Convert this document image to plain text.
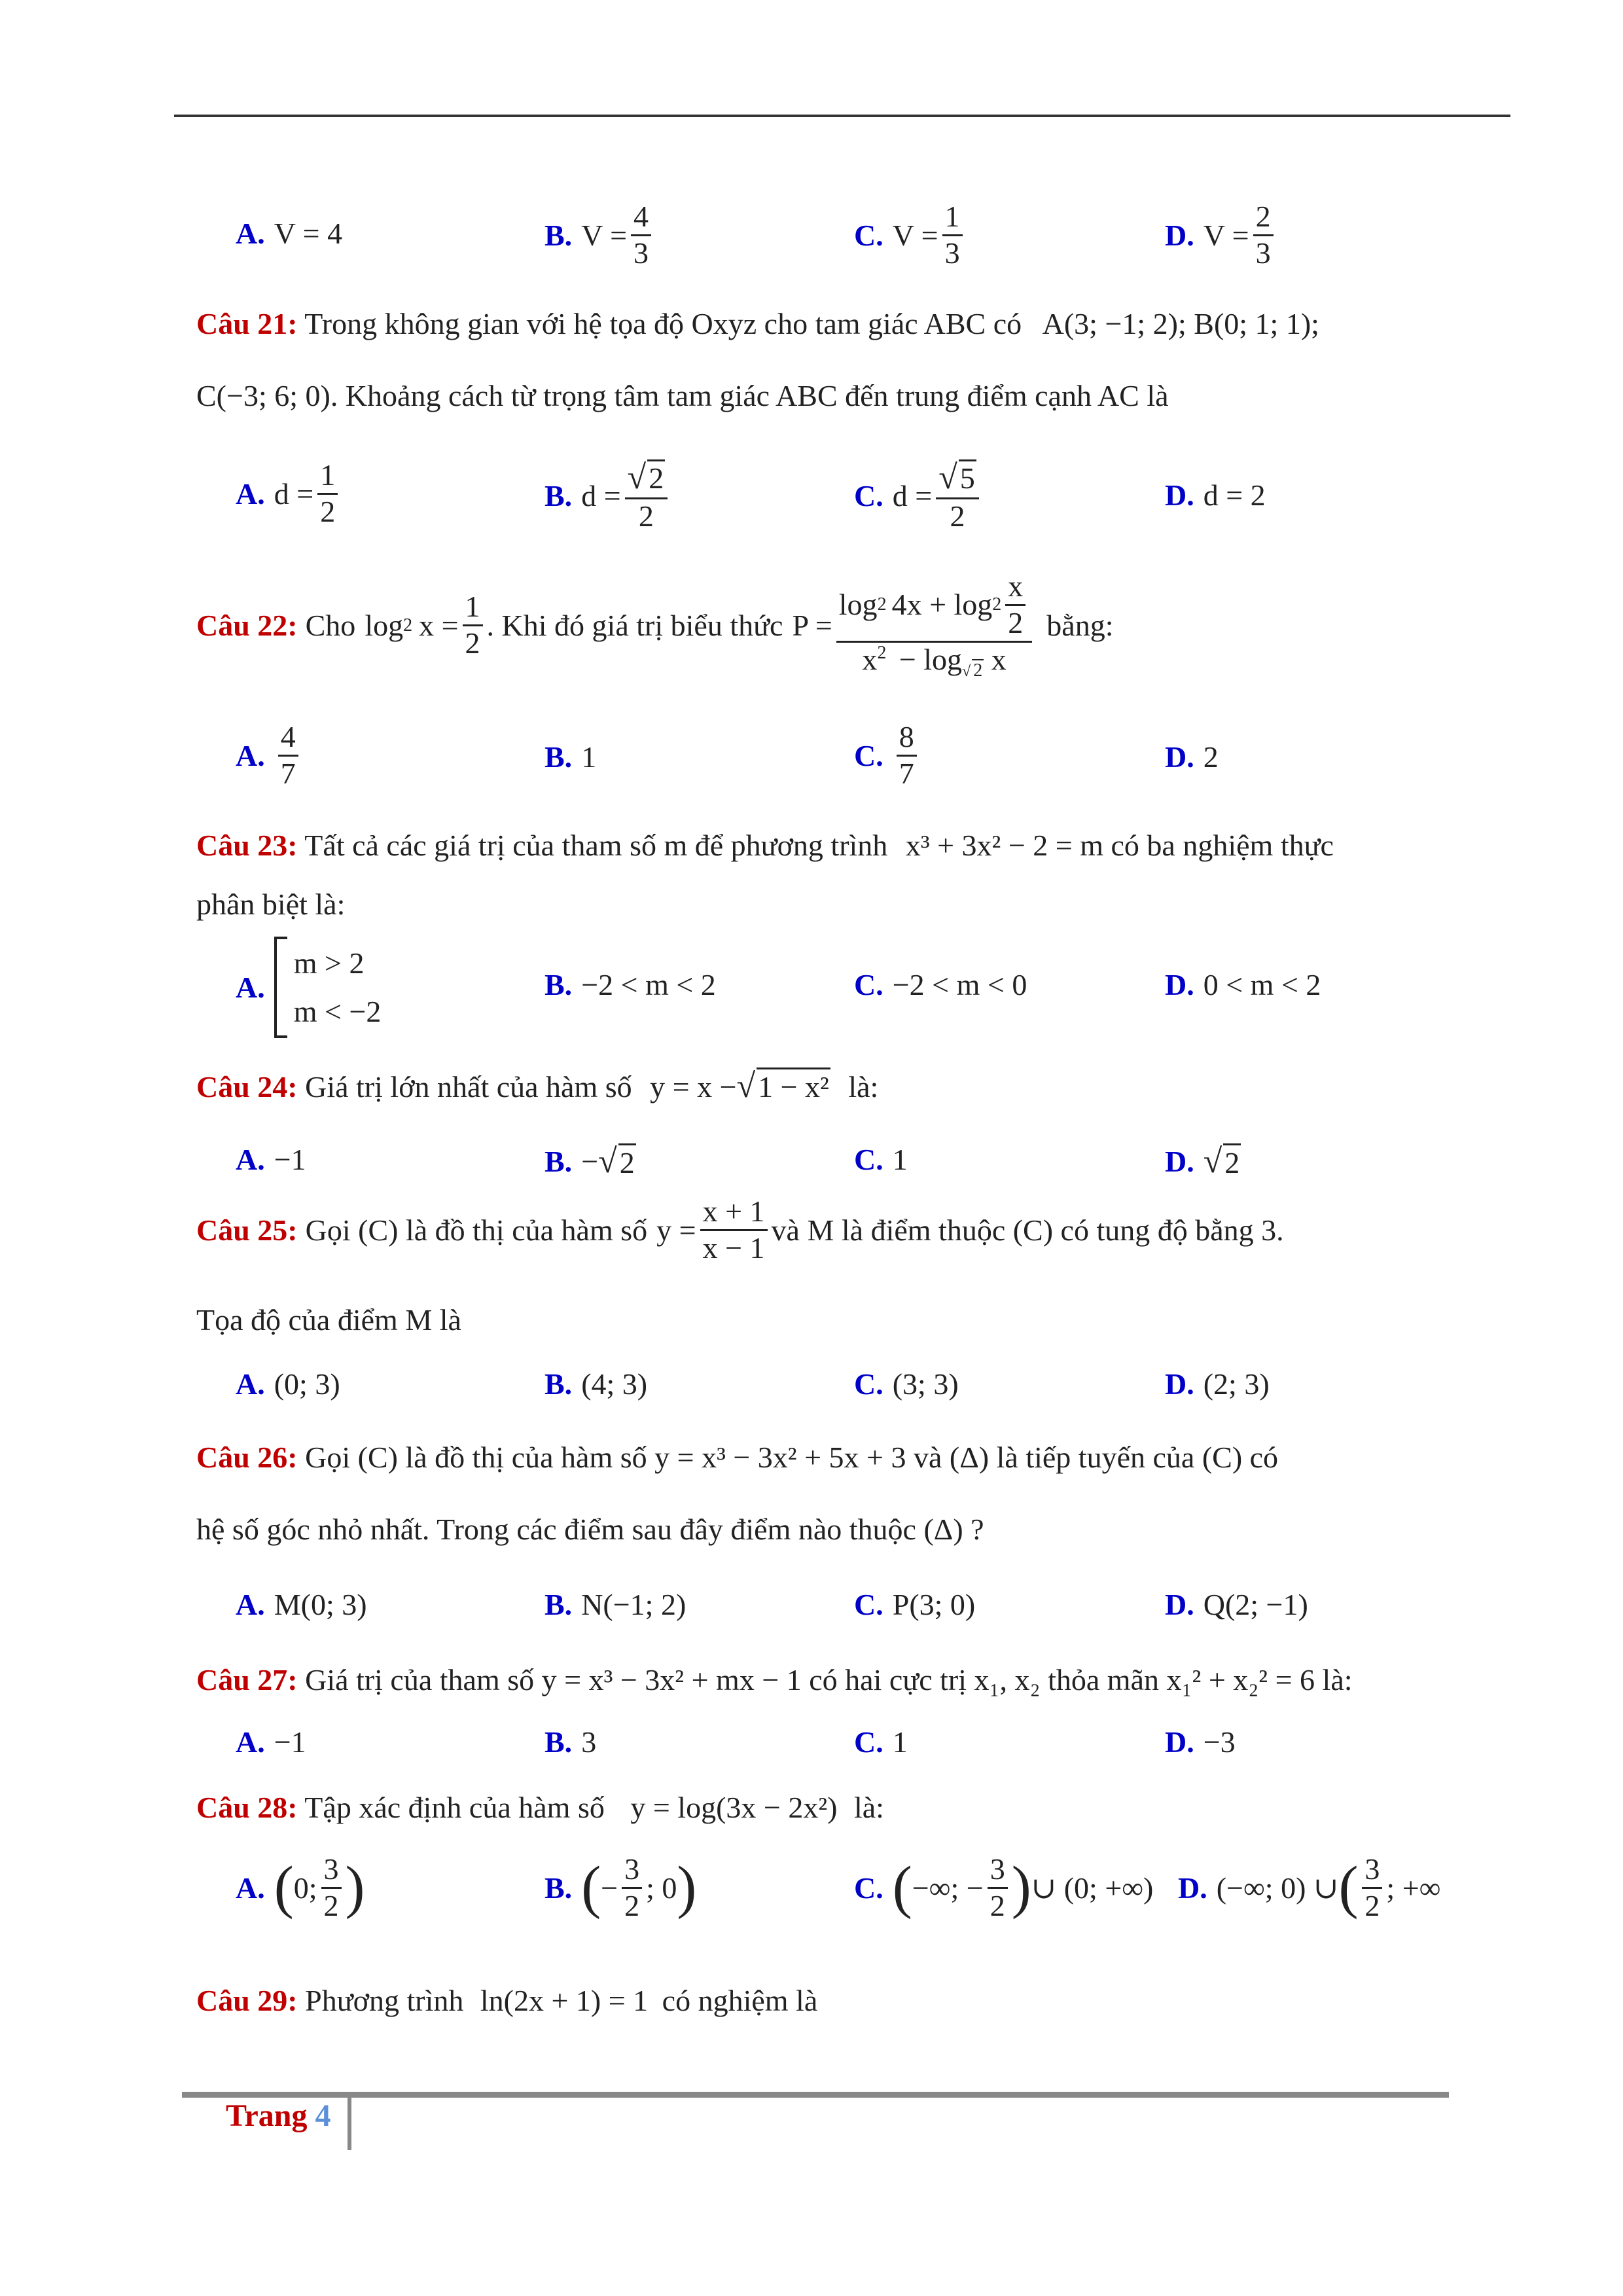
A. V = 4	B. $V = \frac{4}{3}$	C. $V = \frac{1}{3}$	D. $V = \frac{2}{3}$
Câu 21: Trong không gian với hệ tọa độ Oxyz cho tam giác ABC có A(3; −1; 2); B(0; 1; 1);
C(−3; 6; 0). Khoảng cách từ trọng tâm tam giác ABC đến trung điểm cạnh AC là
A. $d = \frac{1}{2}$	B. $d = \frac{√2}{2}$	C. $d = \frac{√5}{2}$	D. d = 2
Câu 22: Cho log 2 $x = \frac{1}{2}$ . Khi đó giá trị biểu thức $P = \frac{\log 2 4x + \log 2 \frac{x}{2}}{x^2 - \log_{√ 2} x}$ bằng:
A. $\frac{4}{7}$	B. 1	C. $\frac{8}{7}$	D. 2
Câu 23: Tất cả các giá trị của tham số m để phương trình x³ + 3x² − 2 = m có ba nghiệm thực
phân biệt là:
A.
m > 2
m < −2
B. −2 < m < 2	C. −2 < m < 0	D. 0 < m < 2
Câu 24: Giá trị lớn nhất của hàm số y = x −√1 − x² là:
A. −1	B. − √ 2	C. 1	D. √ 2
Câu 25: Gọi (C) là đồ thị của hàm số $y = \frac{x + 1}{x - 1}$ và M là điểm thuộc (C) có tung độ bằng 3.
Tọa độ của điểm M là
A. (0; 3)	B. (4; 3)	C. (3; 3)	D. (2; 3)
Câu 26: Gọi (C) là đồ thị của hàm số y = x³ − 3x² + 5x + 3 và (Δ) là tiếp tuyến của (C) có
hệ số góc nhỏ nhất. Trong các điểm sau đây điểm nào thuộc (Δ) ?
A. M(0; 3)	B. N(−1; 2)	C. P(3; 0)	D. Q(2; −1)
Câu 27: Giá trị của tham số y = x³ − 3x² + mx − 1 có hai cực trị x₁, x₂ thỏa mãn x₁² + x₂² = 6 là:
A. −1	B. 3	C. 1	D. −3
Câu 28: Tập xác định của hàm số y = log(3x − 2x²) là:
A. ( 0; $\frac{3}{2}$ )	B. ( − $\frac{3}{2}$ ; 0 )	C. ( −∞; − $\frac{3}{2}$ ) ∪ (0; +∞) D. (−∞; 0) ∪ ( $\frac{3}{2}$ ; +∞
Câu 29: Phương trình ln(2x + 1) = 1 có nghiệm là
Trang 4
